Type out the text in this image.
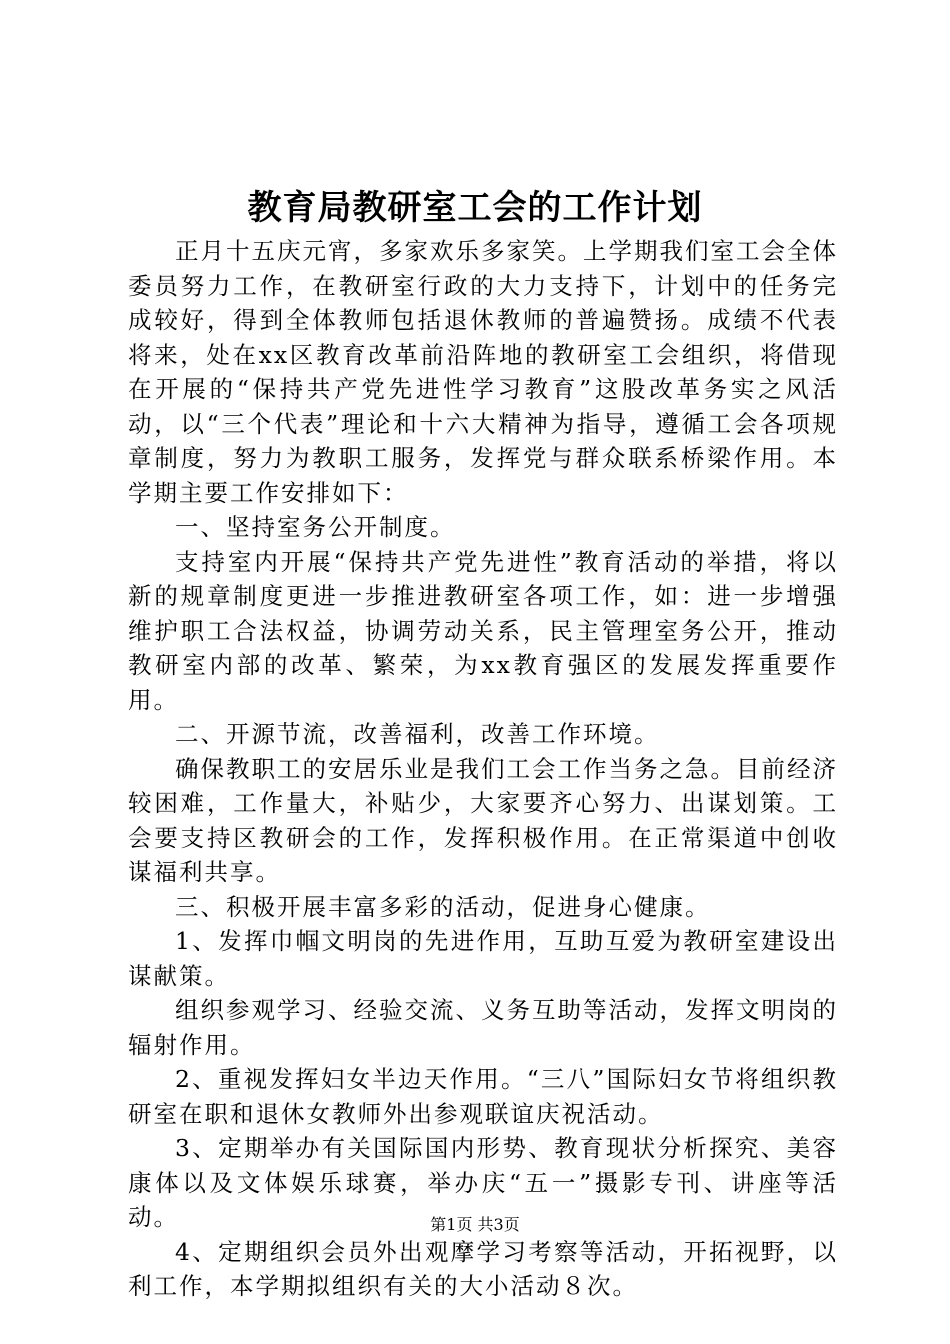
教育局教研室工会的工作计划

正月十五庆元宵，多家欢乐多家笑。上学期我们室工会全体委员努力工作，在教研室行政的大力支持下，计划中的任务完成较好，得到全体教师包括退休教师的普遍赞扬。成绩不代表将来，处在xx区教育改革前沿阵地的教研室工会组织，将借现在开展的“保持共产党先进性学习教育”这股改革务实之风活动，以“三个代表”理论和十六大精神为指导，遵循工会各项规章制度，努力为教职工服务，发挥党与群众联系桥梁作用。本学期主要工作安排如下：

一、坚持室务公开制度。

支持室内开展“保持共产党先进性”教育活动的举措，将以新的规章制度更进一步推进教研室各项工作，如：进一步增强维护职工合法权益，协调劳动关系，民主管理室务公开，推动教研室内部的改革、繁荣，为xx教育强区的发展发挥重要作用。

二、开源节流，改善福利，改善工作环境。

确保教职工的安居乐业是我们工会工作当务之急。目前经济较困难，工作量大，补贴少，大家要齐心努力、出谋划策。工会要支持区教研会的工作，发挥积极作用。在正常渠道中创收谋福利共享。

三、积极开展丰富多彩的活动，促进身心健康。

1、发挥巾帼文明岗的先进作用，互助互爱为教研室建设出谋献策。

组织参观学习、经验交流、义务互助等活动，发挥文明岗的辐射作用。

2、重视发挥妇女半边天作用。“三八”国际妇女节将组织教研室在职和退休女教师外出参观联谊庆祝活动。

3、定期举办有关国际国内形势、教育现状分析探究、美容康体以及文体娱乐球赛，举办庆“五一”摄影专刊、讲座等活动。

4、定期组织会员外出观摩学习考察等活动，开拓视野，以利工作，本学期拟组织有关的大小活动８次。

第1页 共3页
